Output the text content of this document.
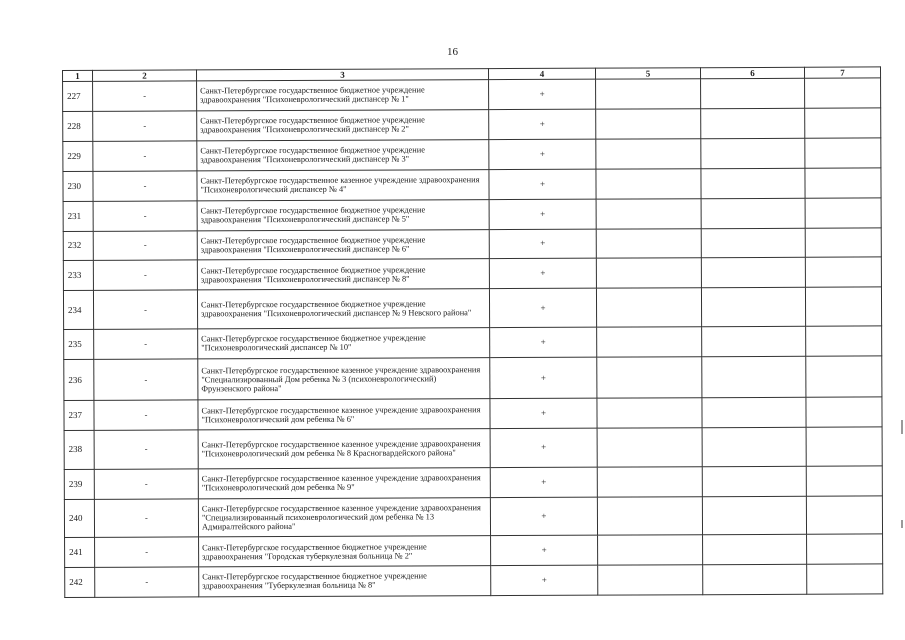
16
1	2	3	4	5	6	7
227	-	Санкт-Петербургское государственное бюджетное учреждение здравоохранения "Психоневрологический диспансер № 1"	+			
228	-	Санкт-Петербургское государственное бюджетное учреждение здравоохранения "Психоневрологический диспансер № 2"	+			
229	-	Санкт-Петербургское государственное бюджетное учреждение здравоохранения "Психоневрологический диспансер № 3"	+			
230	-	Санкт-Петербургское государственное казенное учреждение здравоохранения "Психоневрологический диспансер № 4"	+			
231	-	Санкт-Петербургское государственное бюджетное учреждение здравоохранения "Психоневрологический диспансер № 5"	+			
232	-	Санкт-Петербургское государственное бюджетное учреждение здравоохранения "Психоневрологический диспансер № 6"	+			
233	-	Санкт-Петербургское государственное бюджетное учреждение здравоохранения "Психоневрологический диспансер № 8"	+			
234	-	Санкт-Петербургское государственное бюджетное учреждение здравоохранения "Психоневрологический диспансер № 9 Невского района"	+			
235	-	Санкт-Петербургское государственное бюджетное учреждение "Психоневрологический диспансер № 10"	+			
236	-	Санкт-Петербургское государственное казенное учреждение здравоохранения "Специализированный Дом ребенка № 3 (психоневрологический) Фрунзенского района"	+			
237	-	Санкт-Петербургское государственное казенное учреждение здравоохранения "Психоневрологический дом ребенка № 6"	+			
238	-	Санкт-Петербургское государственное казенное учреждение здравоохранения "Психоневрологический дом ребенка № 8 Красногвардейского района"	+			
239	-	Санкт-Петербургское государственное казенное учреждение здравоохранения "Психоневрологический дом ребенка № 9"	+			
240	-	Санкт-Петербургское государственное казенное учреждение здравоохранения "Специализированный психоневрологический дом ребенка № 13 Адмиралтейского района"	+			
241	-	Санкт-Петербургское государственное бюджетное учреждение здравоохранения "Городская туберкулезная больница № 2"	+			
242	-	Санкт-Петербургское государственное бюджетное учреждение здравоохранения "Туберкулезная больница № 8"	+			
